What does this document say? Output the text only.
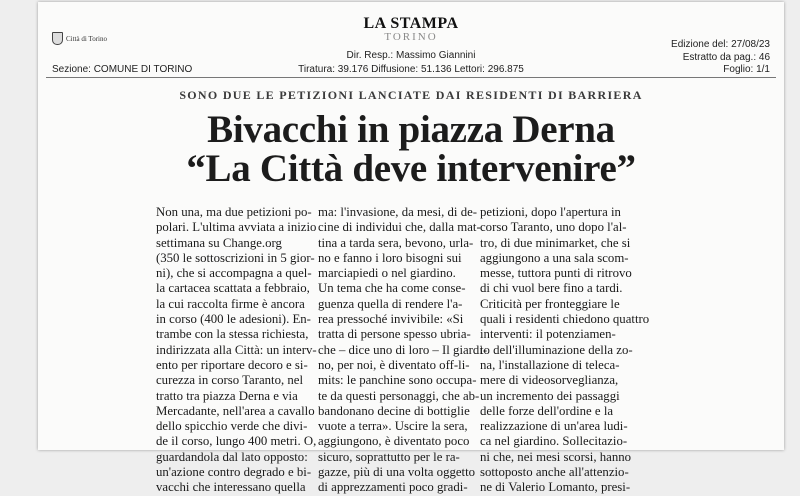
Città di Torino
LA STAMPA
TORINO
Dir. Resp.: Massimo Giannini
Tiratura: 39.176 Diffusione: 51.136 Lettori: 296.875
Sezione: COMUNE DI TORINO
Edizione del: 27/08/23
Estratto da pag.: 46
Foglio: 1/1
SONO DUE LE PETIZIONI LANCIATE DAI RESIDENTI DI BARRIERA
Bivacchi in piazza Derna
“La Città deve intervenire”
Non una, ma due petizioni po-
polari. L'ultima avviata a inizio
settimana su Change.org
(350 le sottoscrizioni in 5 gior-
ni), che si accompagna a quel-
la cartacea scattata a febbraio,
la cui raccolta firme è ancora
in corso (400 le adesioni). En-
trambe con la stessa richiesta,
indirizzata alla Città: un interv-
ento per riportare decoro e si-
curezza in corso Taranto, nel
tratto tra piazza Derna e via
Mercadante, nell'area a cavallo
dello spicchio verde che divi-
de il corso, lungo 400 metri. O,
guardandola dal lato opposto:
un'azione contro degrado e bi-
vacchi che interessano quella
ma: l'invasione, da mesi, di de-
cine di individui che, dalla mat-
tina a tarda sera, bevono, urla-
no e fanno i loro bisogni sui
marciapiedi o nel giardino.
Un tema che ha come conse-
guenza quella di rendere l'a-
rea pressoché invivibile: «Si
tratta di persone spesso ubria-
che – dice uno di loro – Il giardi-
no, per noi, è diventato off-li-
mits: le panchine sono occupa-
te da questi personaggi, che ab-
bandonano decine di bottiglie
vuote a terra». Uscire la sera,
aggiungono, è diventato poco
sicuro, soprattutto per le ra-
gazze, più di una volta oggetto
di apprezzamenti poco gradi-
petizioni, dopo l'apertura in
corso Taranto, uno dopo l'al-
tro, di due minimarket, che si
aggiungono a una sala scom-
messe, tuttora punti di ritrovo
di chi vuol bere fino a tardi.
Criticità per fronteggiare le
quali i residenti chiedono quattro
interventi: il potenziamen-
to dell'illuminazione della zo-
na, l'installazione di teleca-
mere di videosorveglianza,
un incremento dei passaggi
delle forze dell'ordine e la
realizzazione di un'area ludi-
ca nel giardino. Sollecitazio-
ni che, nei mesi scorsi, hanno
sottoposto anche all'attenzio-
ne di Valerio Lomanto, presi-
